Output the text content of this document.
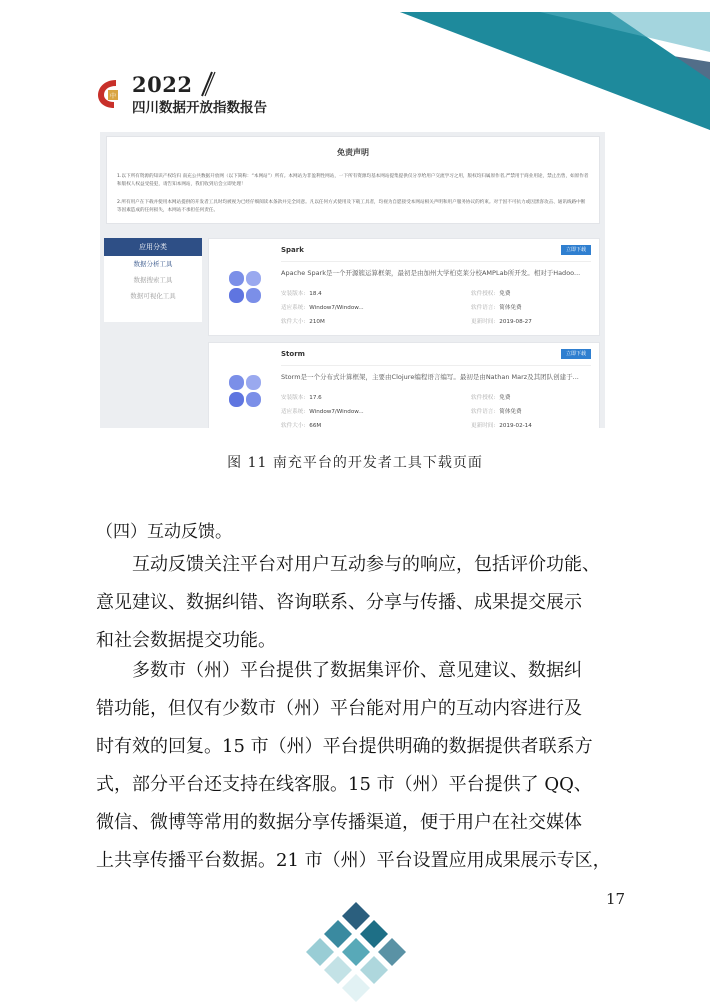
中 2022
四川数据开放指数报告
免责声明
1.以下所有资源的知识产权均归 南充公共数据开放网（以下简称：“本网站”）所有。本网站为非盈利性网站，一下所有资源均基本网站提集提供仅分享给用户交流学习之用，版权均归属原作者,严禁用于商业用途，禁止出售，如原作者和版权人权益受侵犯，请告知本网站，我们收到后会立即处理！
2.所有用户在下载并使用本网站提供的开发者工具时均被视为已经仔细阅读本条款并完全同意。凡以任何方式使用及下载工具者，均视为自愿接受本网站相关声明和用户服务协议的约束。对于因不可抗力或因黑客攻击、通讯线路中断等因素造成的任何损失，本网站不承担任何责任。
应用分类
数据分析工具
数据搜索工具
数据可视化工具
Spark	立即下载
Apache Spark是一个开源簇运算框架，最初是由加州大学柏克莱分校AMPLab所开发。相对于Hadoo...
安装版本: 18.4	软件授权: 免费
适应系统: Window7/Window...	软件语言: 简体免费
软件大小: 210M	更新时间: 2019-08-27
Storm	立即下载
Storm是一个分布式计算框架，主要由Clojure编程语言编写。最初是由Nathan Marz及其团队创建于...
安装版本: 17.6	软件授权: 免费
适应系统: Window7/Window...	软件语言: 简体免费
软件大小: 66M	更新时间: 2019-02-14
图 11 南充平台的开发者工具下载页面
（四）互动反馈。
互动反馈关注平台对用户互动参与的响应，包括评价功能、
意见建议、数据纠错、咨询联系、分享与传播、成果提交展示
和社会数据提交功能。
多数市（州）平台提供了数据集评价、意见建议、数据纠
错功能，但仅有少数市（州）平台能对用户的互动内容进行及
时有效的回复。15 市（州）平台提供明确的数据提供者联系方
式，部分平台还支持在线客服。15 市（州）平台提供了 QQ、
微信、微博等常用的数据分享传播渠道，便于用户在社交媒体
上共享传播平台数据。21 市（州）平台设置应用成果展示专区，
17
